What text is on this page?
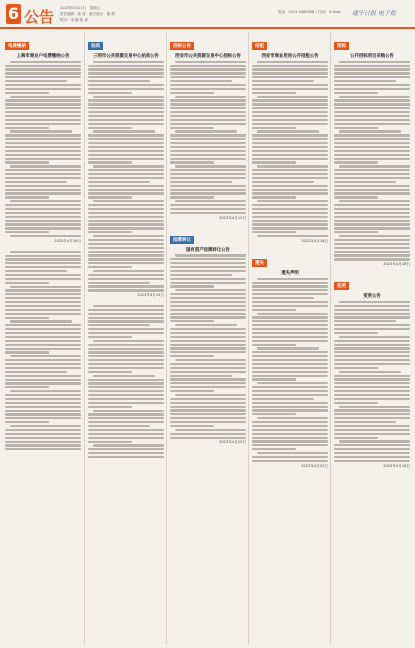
6 公告 2023年4月21日　星期五
责任编辑：高 蕊　版式设计：康 勇
校对：毛 刚 张 剑
电话：0314-5085058（日间） E-mail: 遂宁日报 电子报
电费缴纳
上海市商业户电费缴纳公告
2023年4月18日
拍卖
三明市公共资源交易中心拍卖公告
2023年4月19日
招标公告
西安市公共资源交易中心招标公告
2023年4月15日
挂牌转让
国有资产挂牌转让公告
2023年4月20日
招租
西安市商业用房公开招租公告
2023年4月18日
遗失
遗失声明
2023年4月20日
招标
公开招标项目采购公告
2023年4月18日
变更
变更公告
2023年4月16日
